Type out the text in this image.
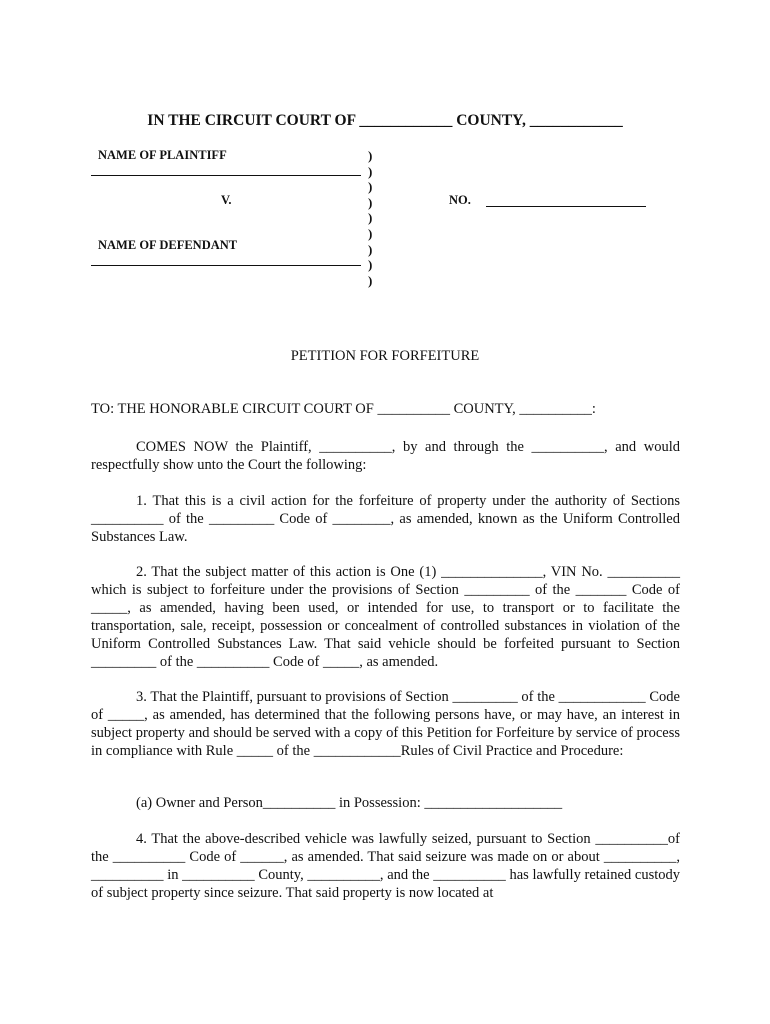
IN THE CIRCUIT COURT OF ____________ COUNTY, ____________
NAME OF PLAINTIFF
V.
NAME OF DEFENDANT
)
)
)
)
)
)
)
)
)
NO.
PETITION FOR FORFEITURE
TO: THE HONORABLE CIRCUIT COURT OF __________ COUNTY, __________:

COMES NOW the Plaintiff, __________, by and through the __________, and would respectfully show unto the Court the following:

1. That this is a civil action for the forfeiture of property under the authority of Sections __________ of the _________ Code of ________, as amended, known as the Uniform Controlled Substances Law.

2. That the subject matter of this action is One (1) ______________, VIN No. __________ which is subject to forfeiture under the provisions of Section _________ of the _______ Code of _____, as amended, having been used, or intended for use, to transport or to facilitate the transportation, sale, receipt, possession or concealment of controlled substances in violation of the Uniform Controlled Substances Law. That said vehicle should be forfeited pursuant to Section _________ of the __________ Code of _____, as amended.

3. That the Plaintiff, pursuant to provisions of Section _________ of the ____________ Code of _____, as amended, has determined that the following persons have, or may have, an interest in subject property and should be served with a copy of this Petition for Forfeiture by service of process in compliance with Rule _____ of the ____________Rules of Civil Practice and Procedure:

(a) Owner and Person__________ in Possession: ___________________

4. That the above-described vehicle was lawfully seized, pursuant to Section __________of the __________ Code of ______, as amended. That said seizure was made on or about __________, __________ in __________ County, __________, and the __________ has lawfully retained custody of subject property since seizure. That said property is now located at
